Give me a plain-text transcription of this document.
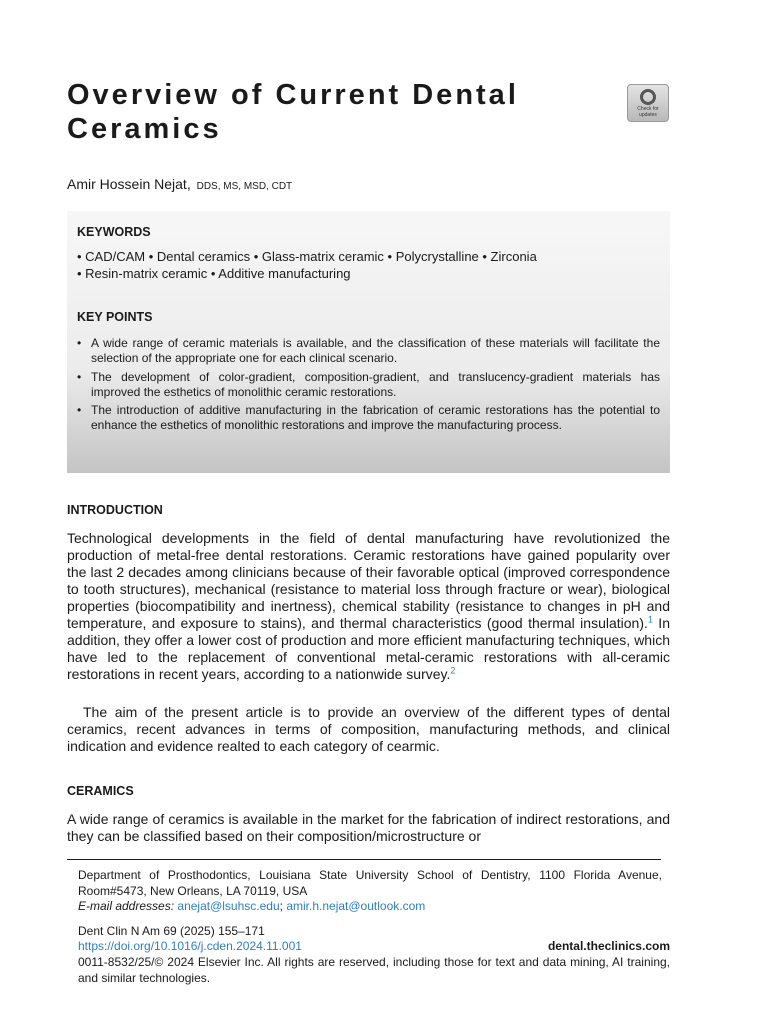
Overview of Current Dental Ceramics
Check for updates
Amir Hossein Nejat, DDS, MS, MSD, CDT

KEYWORDS

• CAD/CAM • Dental ceramics • Glass-matrix ceramic • Polycrystalline • Zirconia

• Resin-matrix ceramic • Additive manufacturing

KEY POINTS

• A wide range of ceramic materials is available, and the classification of these materials will facilitate the selection of the appropriate one for each clinical scenario.
• The development of color-gradient, composition-gradient, and translucency-gradient materials has improved the esthetics of monolithic ceramic restorations.
• The introduction of additive manufacturing in the fabrication of ceramic restorations has the potential to enhance the esthetics of monolithic restorations and improve the manufacturing process.

INTRODUCTION

Technological developments in the field of dental manufacturing have revolutionized the production of metal-free dental restorations. Ceramic restorations have gained popularity over the last 2 decades among clinicians because of their favorable optical (improved correspondence to tooth structures), mechanical (resistance to material loss through fracture or wear), biological properties (biocompatibility and inertness), chemical stability (resistance to changes in pH and temperature, and exposure to stains), and thermal characteristics (good thermal insulation).$^1$ In addition, they offer a lower cost of production and more efficient manufacturing techniques, which have led to the replacement of conventional metal-ceramic restorations with all-ceramic restorations in recent years, according to a nationwide survey.$^2$

The aim of the present article is to provide an overview of the different types of dental ceramics, recent advances in terms of composition, manufacturing methods, and clinical indication and evidence realted to each category of cearmic.

CERAMICS

A wide range of ceramics is available in the market for the fabrication of indirect restorations, and they can be classified based on their composition/microstructure or

Department of Prosthodontics, Louisiana State University School of Dentistry, 1100 Florida Avenue, Room#5473, New Orleans, LA 70119, USA
E-mail addresses: anejat@lsuhsc.edu; amir.h.nejat@outlook.com

Dent Clin N Am 69 (2025) 155–171
https://doi.org/10.1016/j.cden.2024.11.001	dental.theclinics.com

0011-8532/25/© 2024 Elsevier Inc. All rights are reserved, including those for text and data mining, AI training, and similar technologies.
